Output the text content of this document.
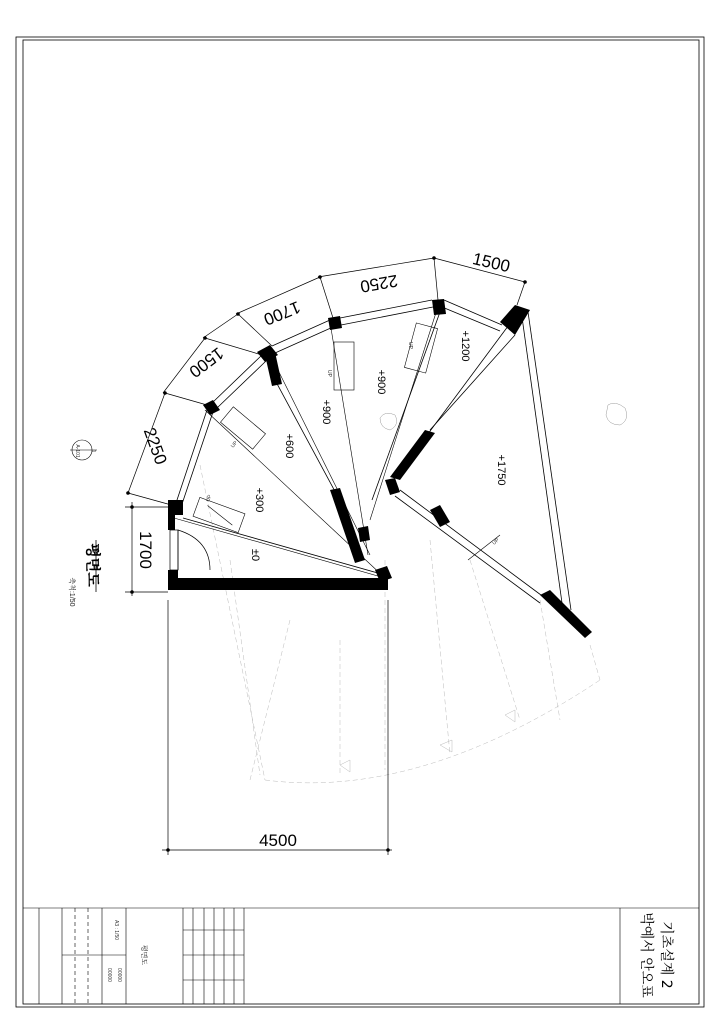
UP
UP
UP
UP
UP
±0
+300
+600
+900
+900
+1200
+1750
4500
1700
2250
1500
1700
2250
1500
1
A-101
평면도
축척:1/50
기초설계 2
박예서 안오표
평면도
A3 : 1/50
00000 00000
